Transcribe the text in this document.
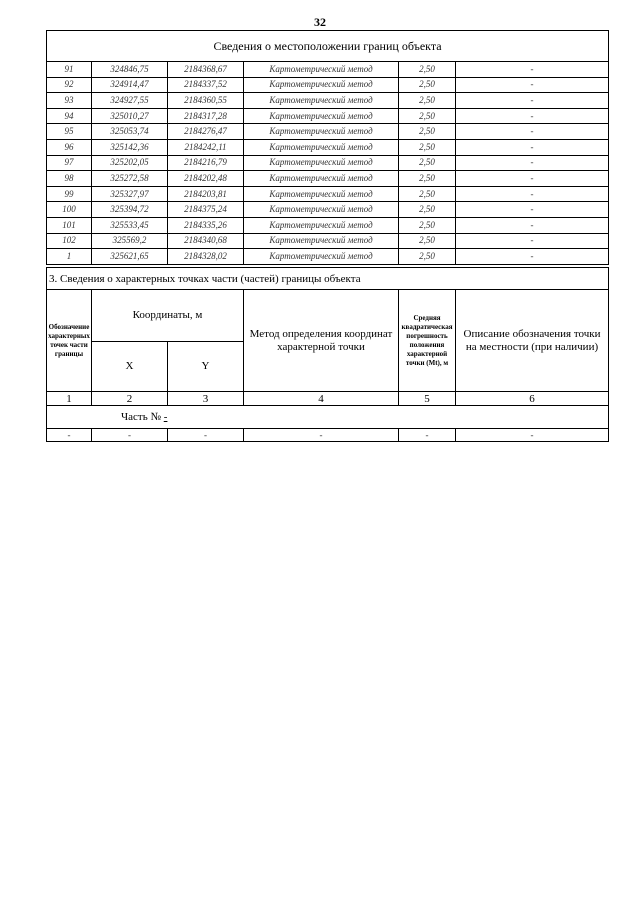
32
Сведения о местоположении границ объекта					
91	324846,75	2184368,67	Картометрический метод	2,50	-
92	324914,47	2184337,52	Картометрический метод	2,50	-
93	324927,55	2184360,55	Картометрический метод	2,50	-
94	325010,27	2184317,28	Картометрический метод	2,50	-
95	325053,74	2184276,47	Картометрический метод	2,50	-
96	325142,36	2184242,11	Картометрический метод	2,50	-
97	325202,05	2184216,79	Картометрический метод	2,50	-
98	325272,58	2184202,48	Картометрический метод	2,50	-
99	325327,97	2184203,81	Картометрический метод	2,50	-
100	325394,72	2184375,24	Картометрический метод	2,50	-
101	325533,45	2184335,26	Картометрический метод	2,50	-
102	325569,2	2184340,68	Картометрический метод	2,50	-
1	325621,65	2184328,02	Картометрический метод	2,50	-
3. Сведения о характерных точках части (частей) границы объекта					
Обозначение характерных точек части границы	Координаты, м		Метод определения координат характерной точки	Средняя квадратическая погрешность положения характерной точки (Mt), м	Описание обозначения точки на местности (при наличии)
	X	Y			
1	2	3	4	5	6
Часть № -					
-	-	-	-	-	-
